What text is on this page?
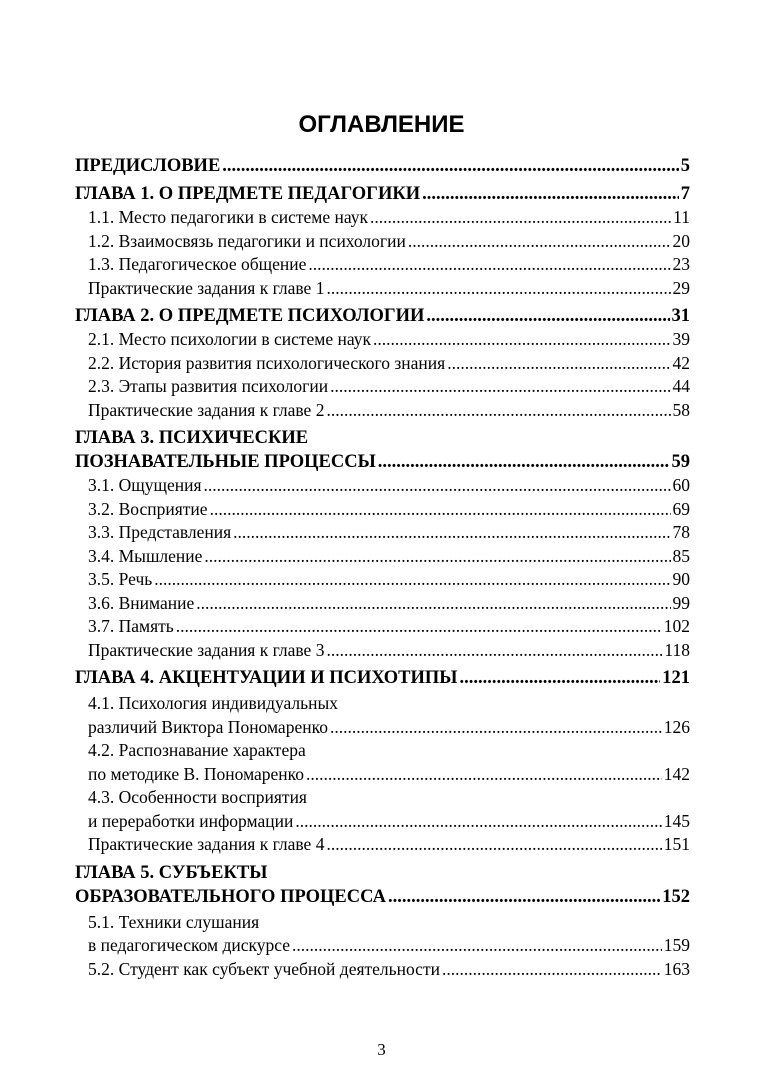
ОГЛАВЛЕНИЕ
ПРЕДИСЛОВИЕ .....	5
ГЛАВА 1. О ПРЕДМЕТЕ ПЕДАГОГИКИ .....	7
1.1. Место педагогики в системе наук .....	11
1.2. Взаимосвязь педагогики и психологии .....	20
1.3. Педагогическое общение .....	23
Практические задания к главе 1 .....	29
ГЛАВА 2. О ПРЕДМЕТЕ ПСИХОЛОГИИ .....	31
2.1. Место психологии в системе наук .....	39
2.2. История развития психологического знания .....	42
2.3. Этапы развития психологии .....	44
Практические задания к главе 2 .....	58
ГЛАВА 3. ПСИХИЧЕСКИЕ
ПОЗНАВАТЕЛЬНЫЕ ПРОЦЕССЫ .....	59
3.1. Ощущения .....	60
3.2. Восприятие .....	69
3.3. Представления .....	78
3.4. Мышление .....	85
3.5. Речь .....	90
3.6. Внимание .....	99
3.7. Память .....	102
Практические задания к главе 3 .....	118
ГЛАВА 4. АКЦЕНТУАЦИИ И ПСИХОТИПЫ .....	121
4.1. Психология индивидуальных
различий Виктора Пономаренко .....	126
4.2. Распознавание характера
по методике В. Пономаренко .....	142
4.3. Особенности восприятия
и переработки информации .....	145
Практические задания к главе 4 .....	151
ГЛАВА 5. СУБЪЕКТЫ
ОБРАЗОВАТЕЛЬНОГО ПРОЦЕССА .....	152
5.1. Техники слушания
в педагогическом дискурсе .....	159
5.2. Студент как субъект учебной деятельности .....	163
3
